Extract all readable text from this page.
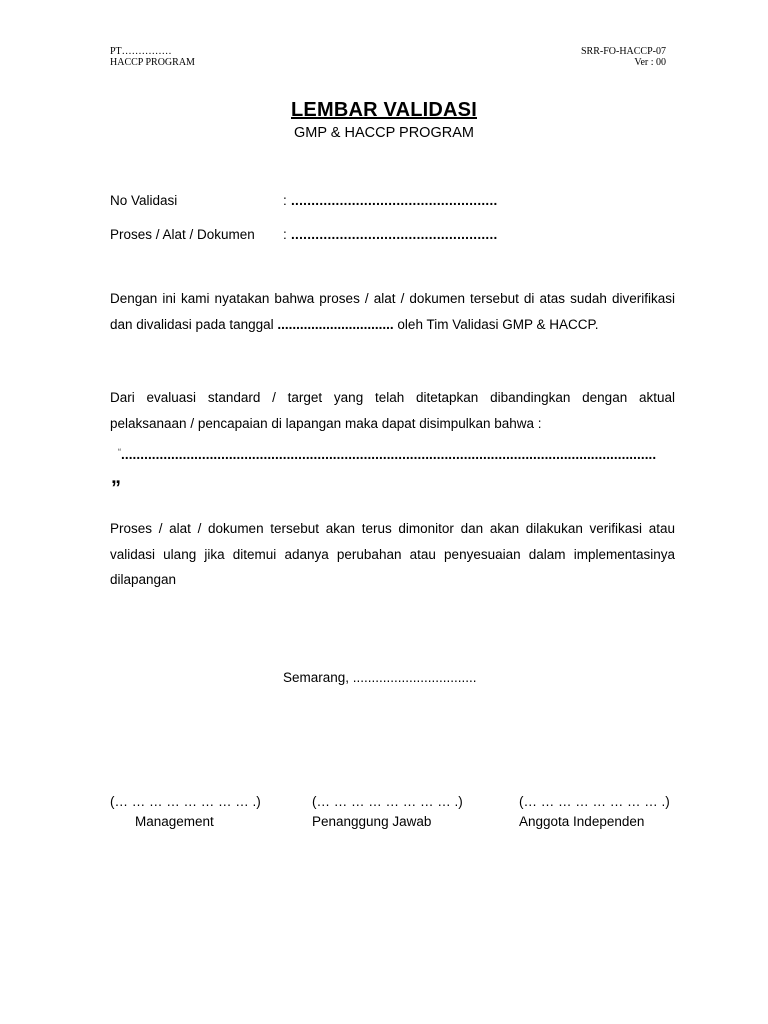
PT……………
HACCP PROGRAM
SRR-FO-HACCP-07
Ver : 00
LEMBAR VALIDASI
GMP & HACCP PROGRAM
No Validasi	: ...................................................
Proses / Alat / Dokumen : ...................................................
Dengan ini kami nyatakan bahwa proses / alat / dokumen tersebut di atas sudah diverifikasi dan divalidasi pada tanggal ............................... oleh Tim Validasi GMP & HACCP.
Dari evaluasi standard / target yang telah ditetapkan dibandingkan dengan aktual pelaksanaan / pencapaian di lapangan maka dapat disimpulkan bahwa :
“...........................................................................................................................................
„
Proses / alat / dokumen tersebut akan terus dimonitor dan akan dilakukan verifikasi atau validasi ulang jika ditemui adanya perubahan atau penyesuaian dalam implementasinya dilapangan
Semarang, .................................
(… … … … … … … … .)
Management
(… … … … … … … … .)
Penanggung Jawab
(… … … … … … … … .)
Anggota Independen
